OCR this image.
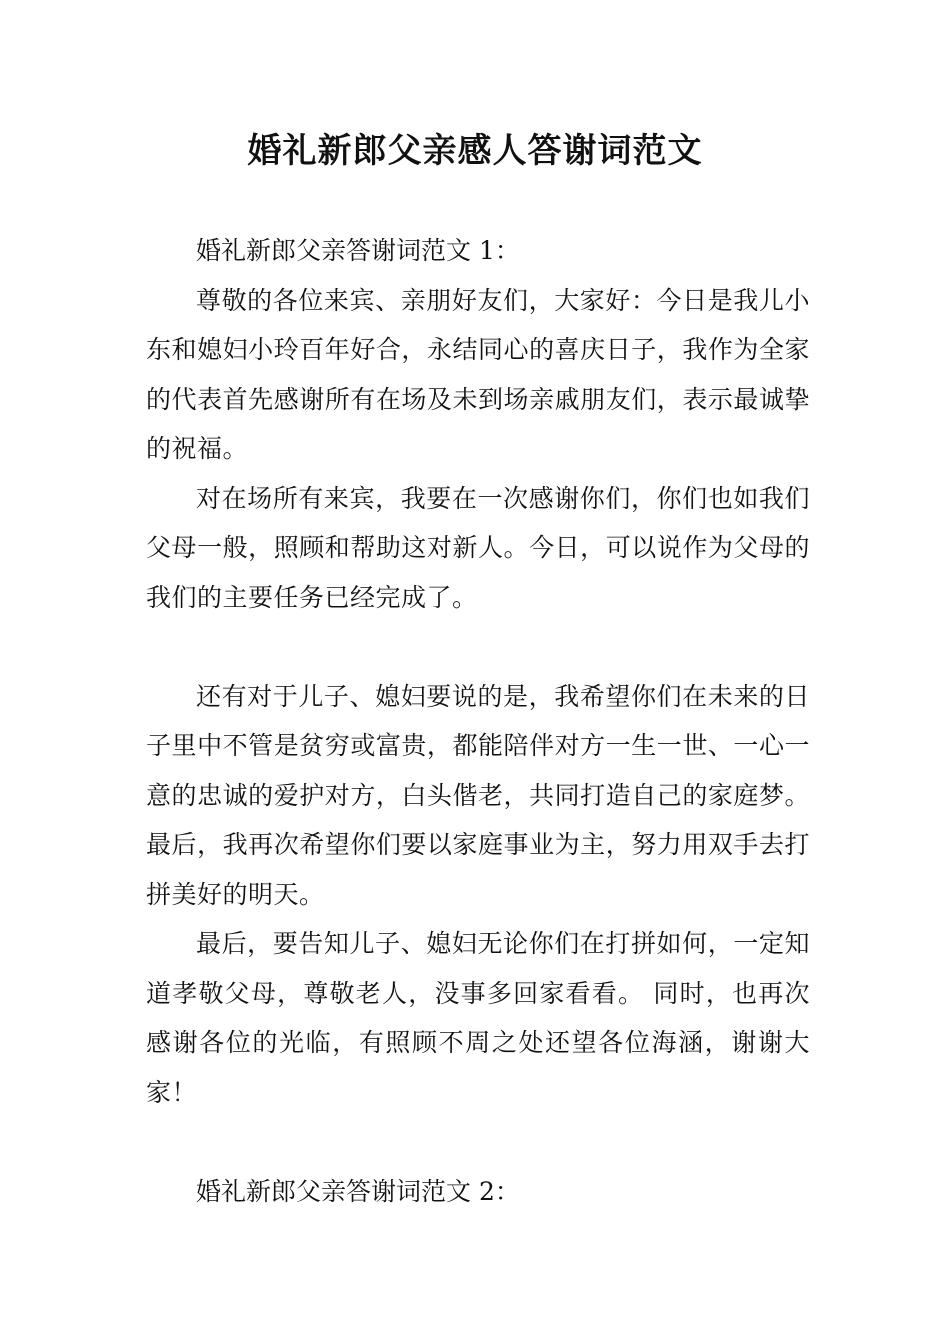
婚礼新郎父亲感人答谢词范文

婚礼新郎父亲答谢词范文 1：

尊敬的各位来宾、亲朋好友们，大家好：今日是我儿小东和媳妇小玲百年好合，永结同心的喜庆日子，我作为全家的代表首先感谢所有在场及未到场亲戚朋友们，表示最诚挚的祝福。

对在场所有来宾，我要在一次感谢你们，你们也如我们父母一般，照顾和帮助这对新人。今日，可以说作为父母的我们的主要任务已经完成了。

还有对于儿子、媳妇要说的是，我希望你们在未来的日子里中不管是贫穷或富贵，都能陪伴对方一生一世、一心一意的忠诚的爱护对方，白头偕老，共同打造自己的家庭梦。最后，我再次希望你们要以家庭事业为主，努力用双手去打拼美好的明天。

最后，要告知儿子、媳妇无论你们在打拼如何，一定知道孝敬父母，尊敬老人，没事多回家看看。 同时，也再次感谢各位的光临，有照顾不周之处还望各位海涵，谢谢大家！

婚礼新郎父亲答谢词范文 2：
